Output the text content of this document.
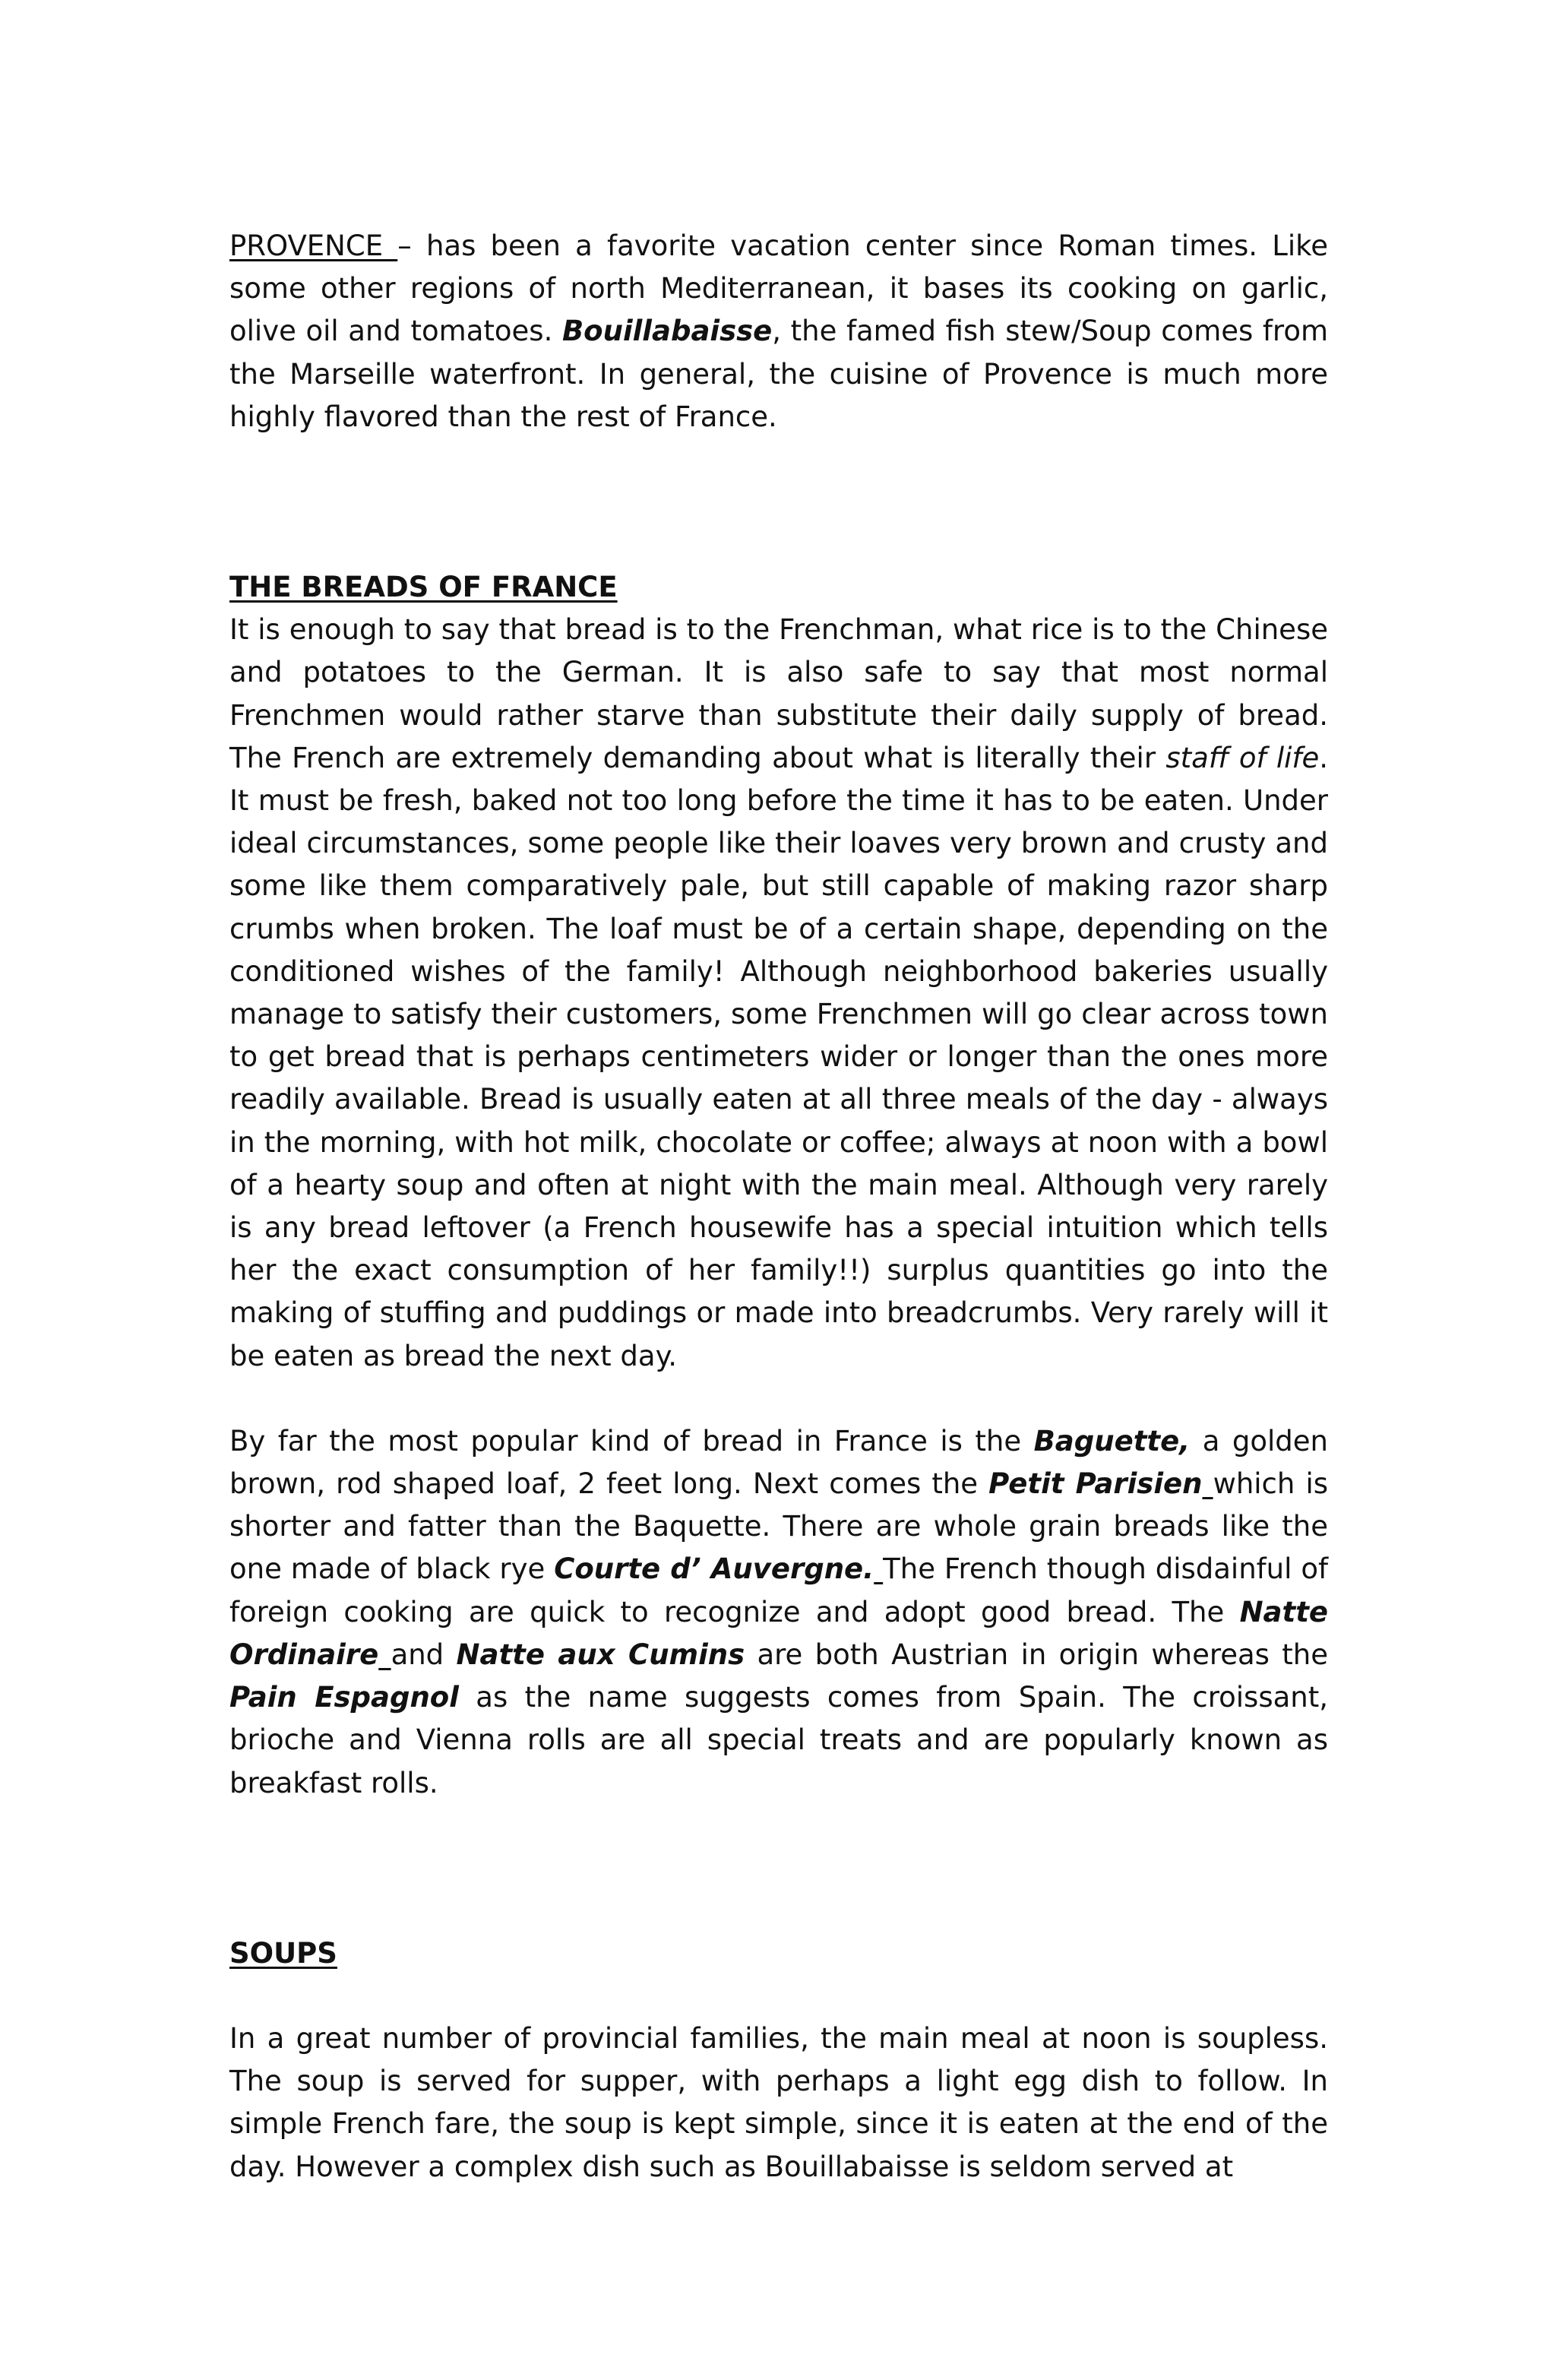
PROVENCE – has been a favorite vacation center since Roman times. Like some other regions of north Mediterranean, it bases its cooking on garlic, olive oil and tomatoes. Bouillabaisse, the famed fish stew/Soup comes from the Marseille waterfront. In general, the cuisine of Provence is much more highly flavored than the rest of France.

THE BREADS OF FRANCE

It is enough to say that bread is to the Frenchman, what rice is to the Chinese and potatoes to the German. It is also safe to say that most normal Frenchmen would rather starve than substitute their daily supply of bread. The French are extremely demanding about what is literally their staff of life. It must be fresh, baked not too long before the time it has to be eaten. Under ideal circumstances, some people like their loaves very brown and crusty and some like them comparatively pale, but still capable of making razor sharp crumbs when broken. The loaf must be of a certain shape, depending on the conditioned wishes of the family! Although neighborhood bakeries usually manage to satisfy their customers, some Frenchmen will go clear across town to get bread that is perhaps centimeters wider or longer than the ones more readily available. Bread is usually eaten at all three meals of the day - always in the morning, with hot milk, chocolate or coffee; always at noon with a bowl of a hearty soup and often at night with the main meal. Although very rarely is any bread leftover (a French housewife has a special intuition which tells her the exact consumption of her family!!) surplus quantities go into the making of stuffing and puddings or made into breadcrumbs. Very rarely will it be eaten as bread the next day.

By far the most popular kind of bread in France is the Baguette, a golden brown, rod shaped loaf, 2 feet long. Next comes the Petit Parisien which is shorter and fatter than the Baquette. There are whole grain breads like the one made of black rye Courte d’ Auvergne. The French though disdainful of foreign cooking are quick to recognize and adopt good bread. The Natte Ordinaire and Natte aux Cumins are both Austrian in origin whereas the Pain Espagnol as the name suggests comes from Spain. The croissant, brioche and Vienna rolls are all special treats and are popularly known as breakfast rolls.

SOUPS

In a great number of provincial families, the main meal at noon is soupless. The soup is served for supper, with perhaps a light egg dish to follow. In simple French fare, the soup is kept simple, since it is eaten at the end of the day. However a complex dish such as Bouillabaisse is seldom served at
